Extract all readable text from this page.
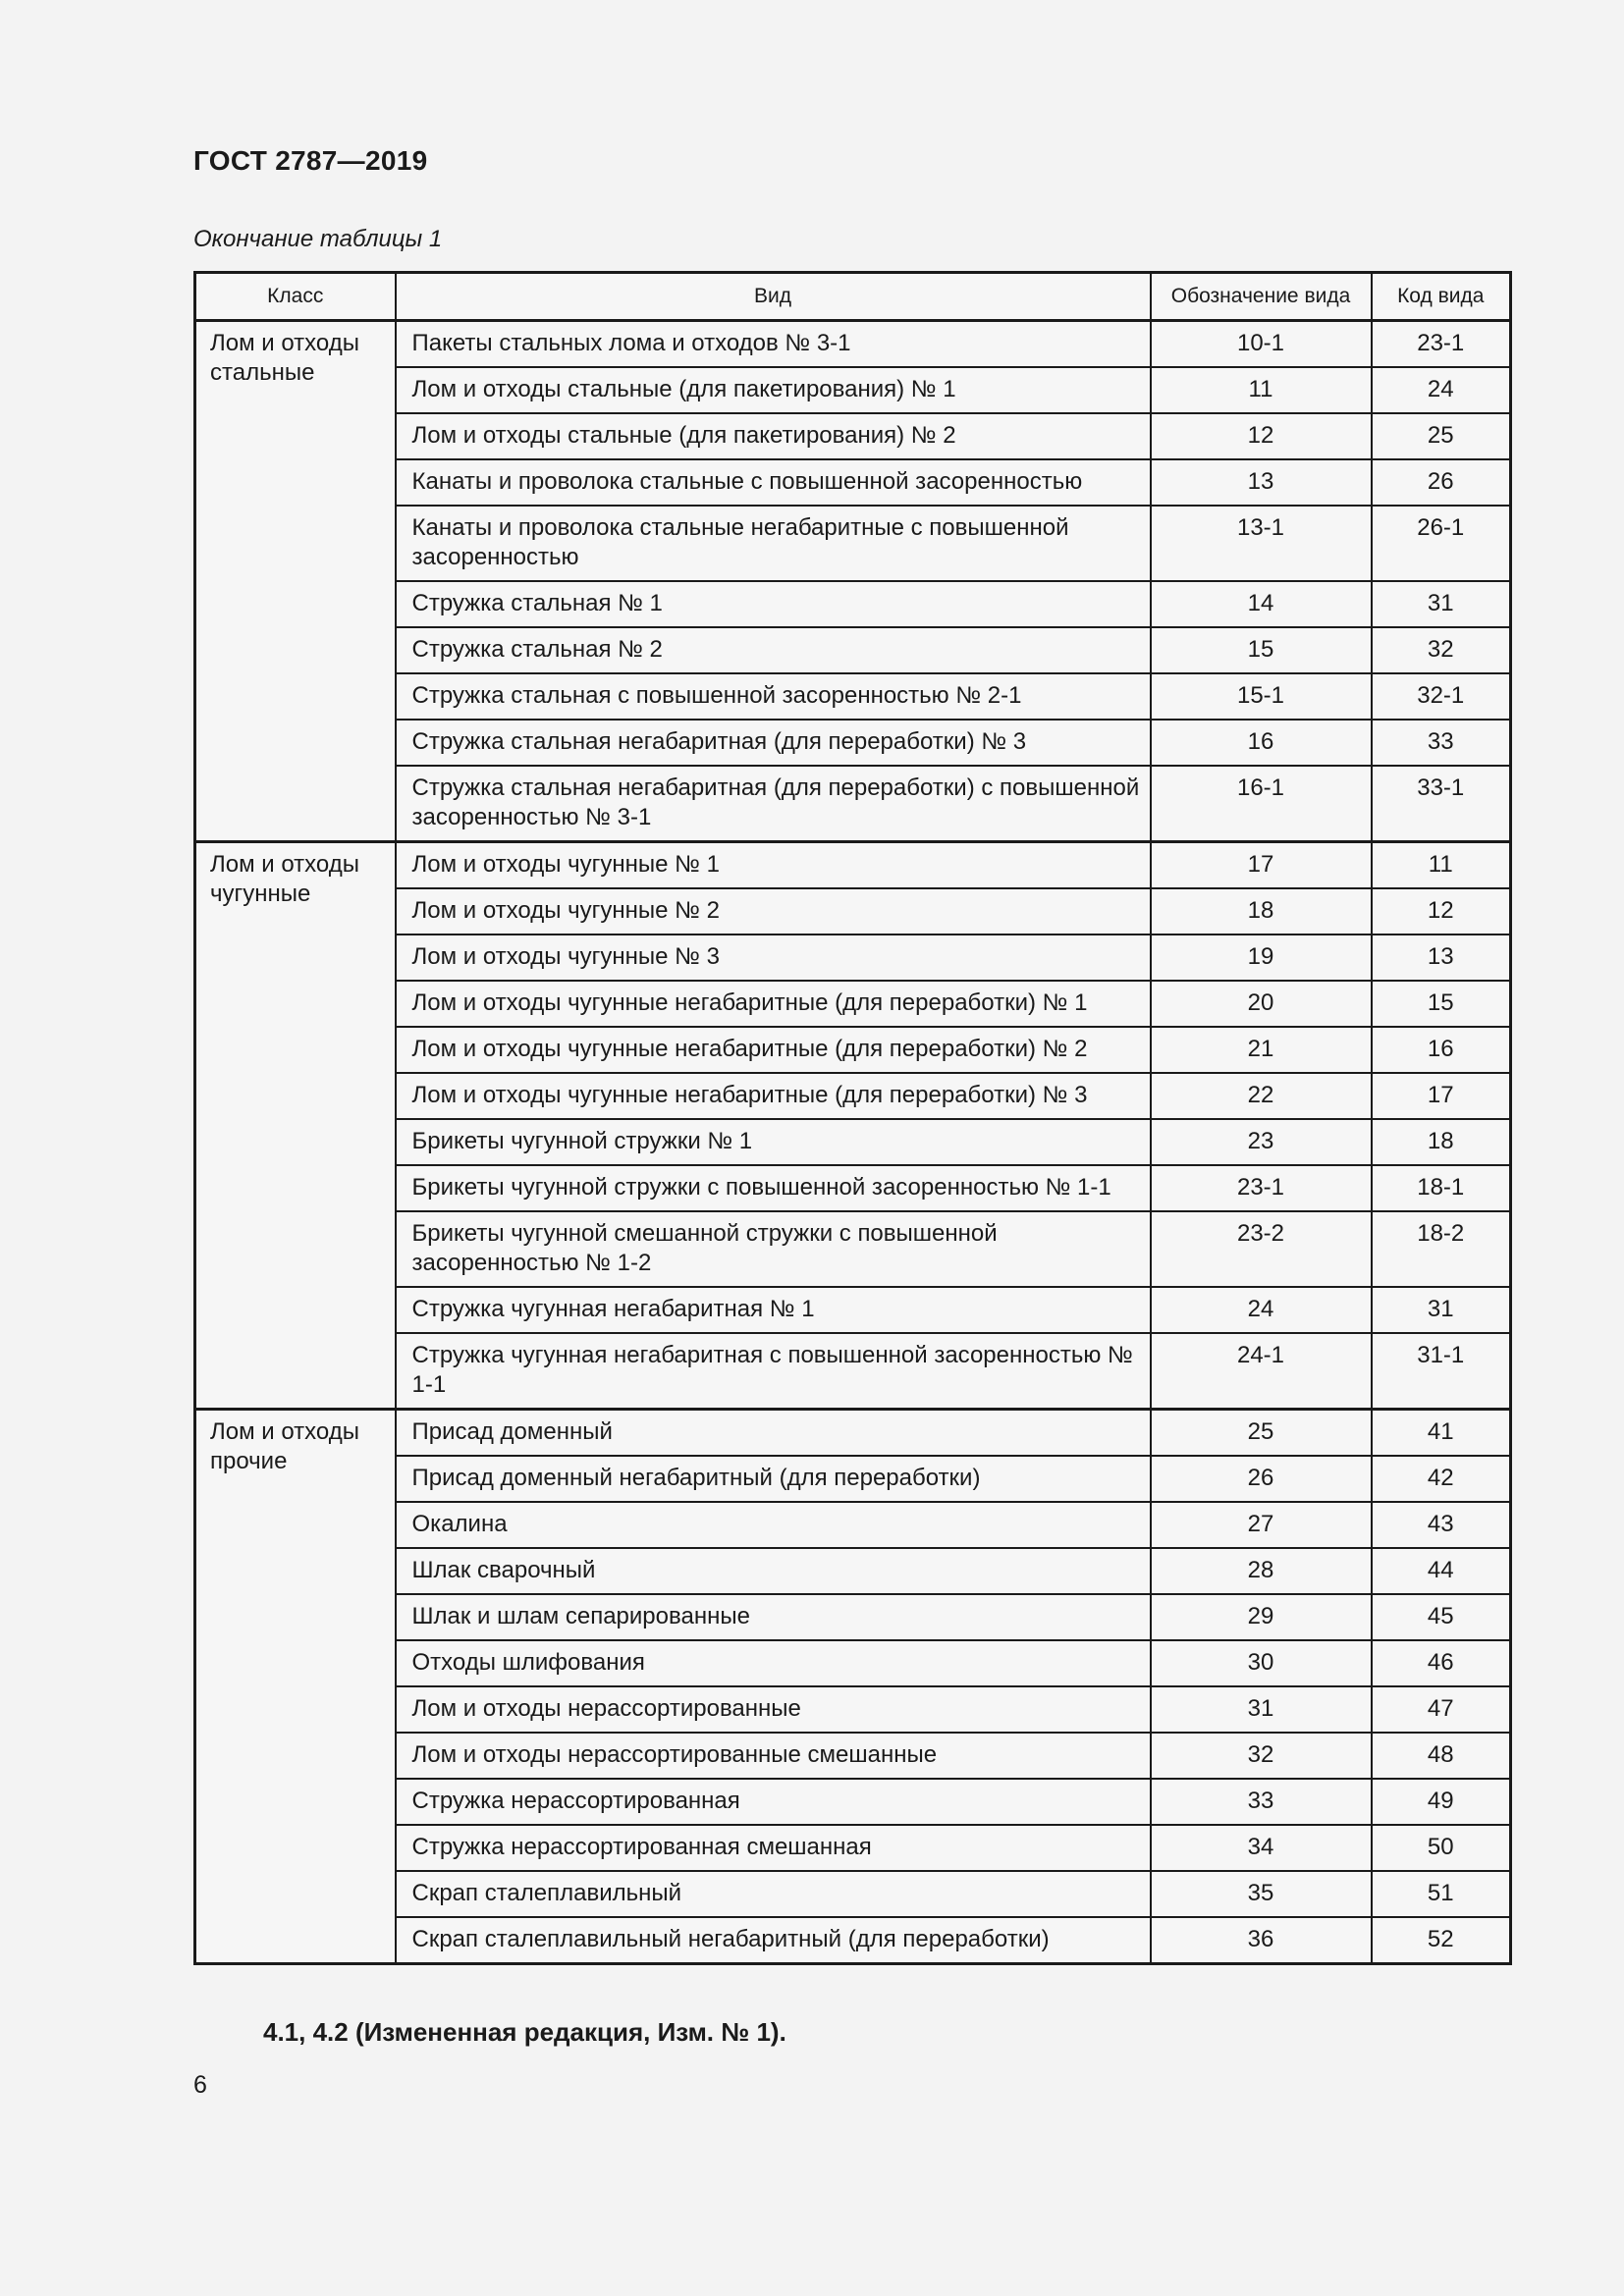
ГОСТ 2787—2019
Окончание таблицы 1
Класс	Вид	Обозначение вида	Код вида
Лом и отходы стальные	Пакеты стальных лома и отходов № 3-1	10-1	23-1
	Лом и отходы стальные (для пакетирования) № 1	11	24
	Лом и отходы стальные (для пакетирования) № 2	12	25
	Канаты и проволока стальные с повышенной засоренностью	13	26
	Канаты и проволока стальные негабаритные с повышенной засоренностью	13-1	26-1
	Стружка стальная № 1	14	31
	Стружка стальная № 2	15	32
	Стружка стальная с повышенной засоренностью № 2-1	15-1	32-1
	Стружка стальная негабаритная (для переработки) № 3	16	33
	Стружка стальная негабаритная (для переработки) с повышенной засоренностью № 3-1	16-1	33-1
Лом и отходы чугунные	Лом и отходы чугунные № 1	17	11
	Лом и отходы чугунные № 2	18	12
	Лом и отходы чугунные № 3	19	13
	Лом и отходы чугунные негабаритные (для переработки) № 1	20	15
	Лом и отходы чугунные негабаритные (для переработки) № 2	21	16
	Лом и отходы чугунные негабаритные (для переработки) № 3	22	17
	Брикеты чугунной стружки № 1	23	18
	Брикеты чугунной стружки с повышенной засоренностью № 1-1	23-1	18-1
	Брикеты чугунной смешанной стружки с повышенной засоренностью № 1-2	23-2	18-2
	Стружка чугунная негабаритная № 1	24	31
	Стружка чугунная негабаритная с повышенной засоренностью № 1-1	24-1	31-1
Лом и отходы прочие	Присад доменный	25	41
	Присад доменный негабаритный (для переработки)	26	42
	Окалина	27	43
	Шлак сварочный	28	44
	Шлак и шлам сепарированные	29	45
	Отходы шлифования	30	46
	Лом и отходы нерассортированные	31	47
	Лом и отходы нерассортированные смешанные	32	48
	Стружка нерассортированная	33	49
	Стружка нерассортированная смешанная	34	50
	Скрап сталеплавильный	35	51
	Скрап сталеплавильный негабаритный (для переработки)	36	52
4.1, 4.2 (Измененная редакция, Изм. № 1).
6
